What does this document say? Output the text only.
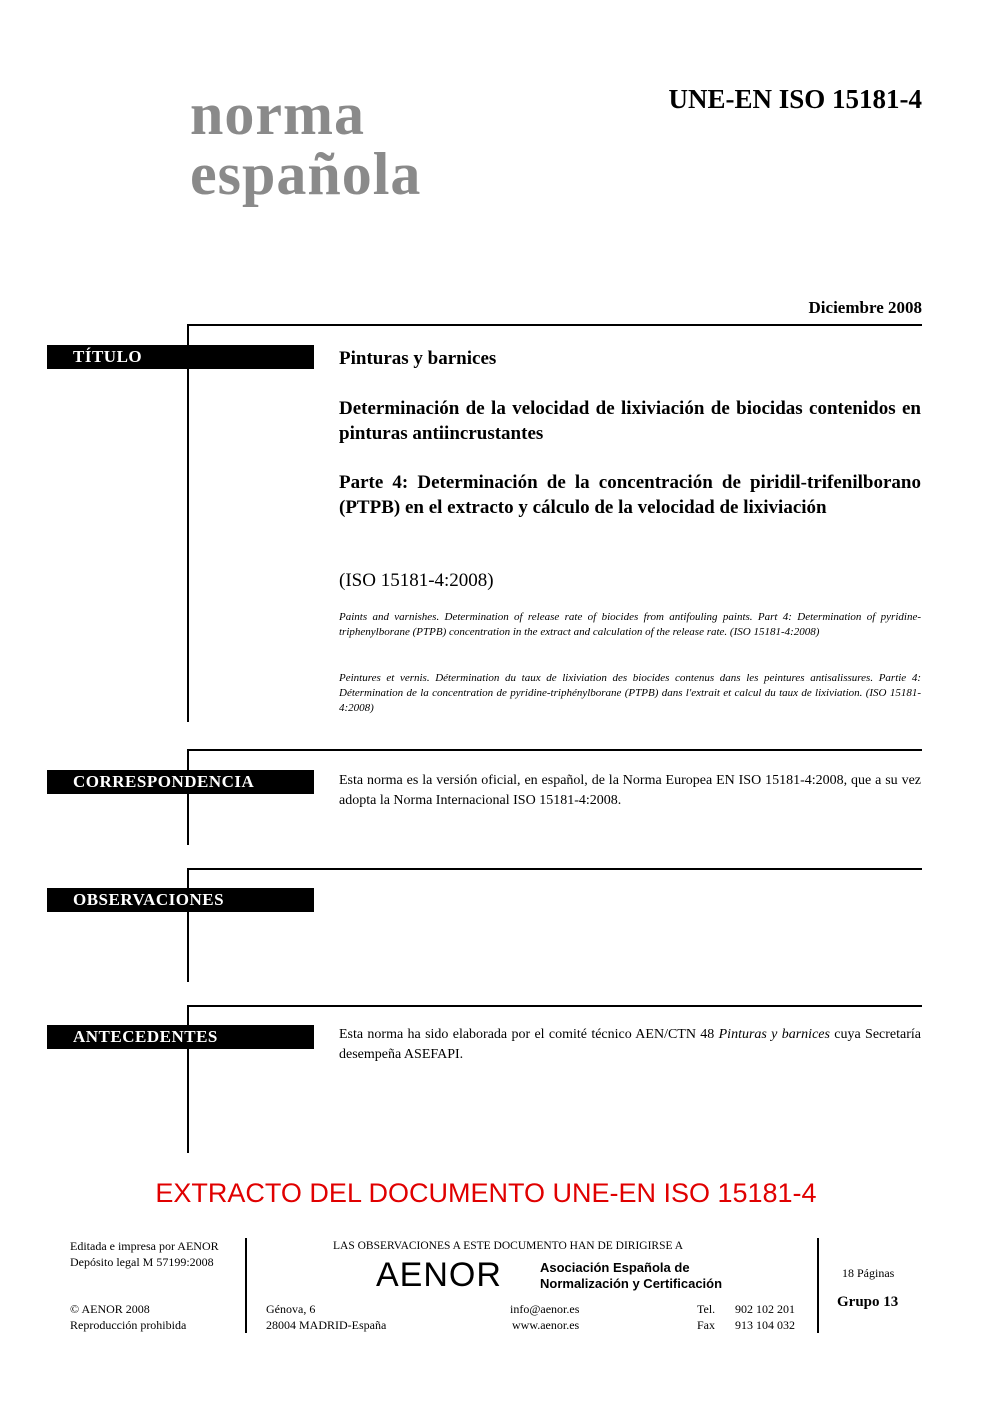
norma
española
UNE-EN ISO 15181-4
Diciembre 2008
TÍTULO
CORRESPONDENCIA
OBSERVACIONES
ANTECEDENTES
Pinturas y barnices
Determinación de la velocidad de lixiviación de biocidas contenidos en pinturas antiincrustantes
Parte 4: Determinación de la concentración de piridil-trifenilborano (PTPB) en el extracto y cálculo de la velocidad de lixiviación
(ISO 15181-4:2008)
Paints and varnishes. Determination of release rate of biocides from antifouling paints. Part 4: Determination of pyridine-triphenylborane (PTPB) concentration in the extract and calculation of the release rate. (ISO 15181-4:2008)
Peintures et vernis. Détermination du taux de lixiviation des biocides contenus dans les peintures antisalissures. Partie 4: Détermination de la concentration de pyridine-triphénylborane (PTPB) dans l'extrait et calcul du taux de lixiviation. (ISO 15181-4:2008)
Esta norma es la versión oficial, en español, de la Norma Europea EN ISO 15181-4:2008, que a su vez adopta la Norma Internacional ISO 15181-4:2008.
Esta norma ha sido elaborada por el comité técnico AEN/CTN 48 Pinturas y barnices cuya Secretaría desempeña ASEFAPI.
EXTRACTO DEL DOCUMENTO UNE-EN ISO 15181-4
Editada e impresa por AENOR
Depósito legal M 57199:2008
© AENOR 2008
Reproducción prohibida
LAS OBSERVACIONES A ESTE DOCUMENTO HAN DE DIRIGIRSE A
AENOR	Asociación Española de
Normalización y Certificación
Génova, 6
28004 MADRID-España
info@aenor.es
www.aenor.es
Tel. 902 102 201
Fax 913 104 032
18 Páginas
Grupo 13
